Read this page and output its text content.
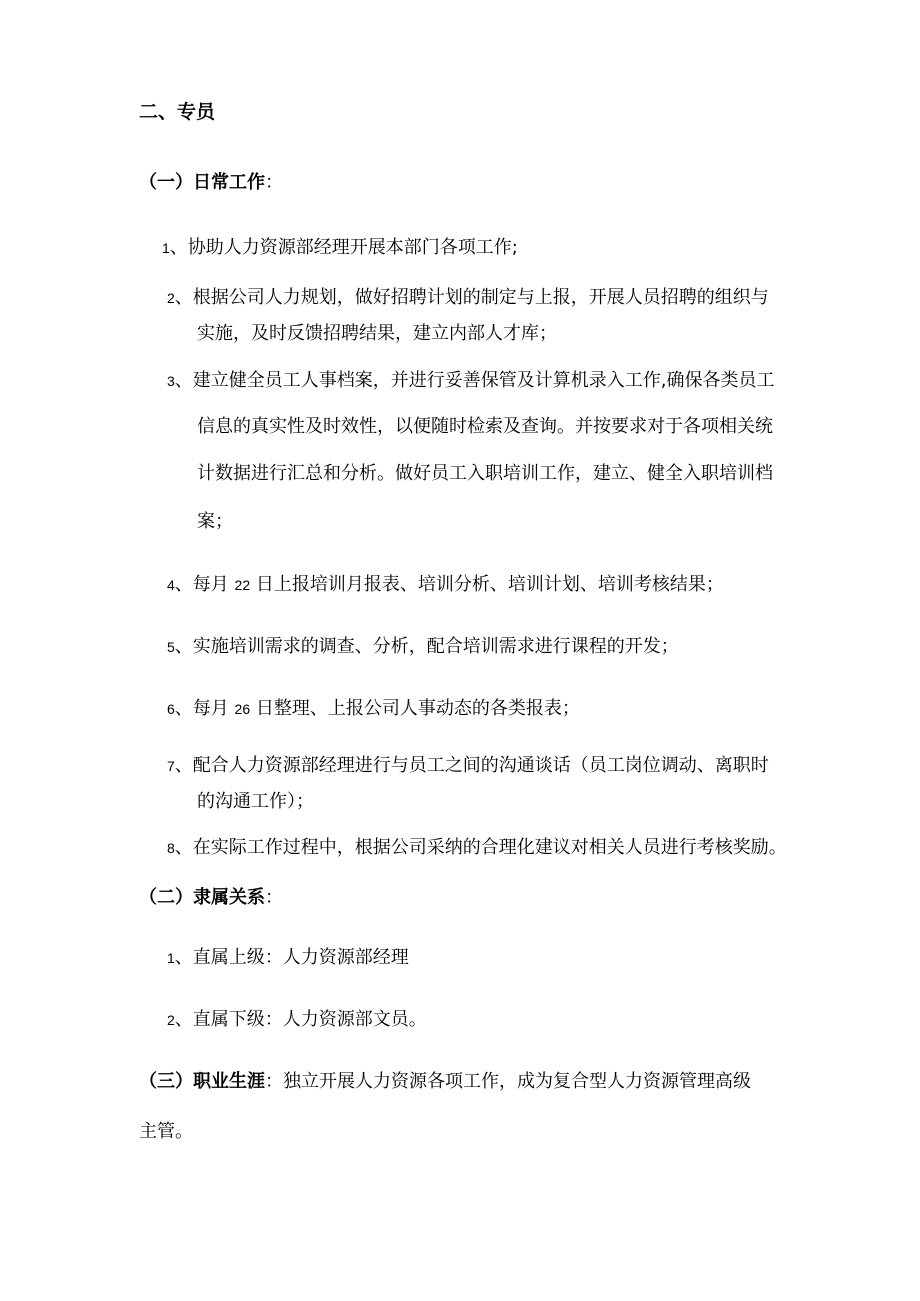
二、专员
（一）日常工作：
1、协助人力资源部经理开展本部门各项工作;
2、根据公司人力规划，做好招聘计划的制定与上报，开展人员招聘的组织与
实施，及时反馈招聘结果，建立内部人才库；
3、建立健全员工人事档案，并进行妥善保管及计算机录入工作,确保各类员工
信息的真实性及时效性，以便随时检索及查询。并按要求对于各项相关统
计数据进行汇总和分析。做好员工入职培训工作，建立、健全入职培训档
案；
4、每月 22 日上报培训月报表、培训分析、培训计划、培训考核结果；
5、实施培训需求的调查、分析，配合培训需求进行课程的开发；
6、每月 26 日整理、上报公司人事动态的各类报表；
7、配合人力资源部经理进行与员工之间的沟通谈话（员工岗位调动、离职时
的沟通工作）；
8、在实际工作过程中，根据公司采纳的合理化建议对相关人员进行考核奖励。
（二）隶属关系：
1、直属上级：人力资源部经理
2、直属下级：人力资源部文员。
（三）职业生涯：独立开展人力资源各项工作，成为复合型人力资源管理高级
主管。
